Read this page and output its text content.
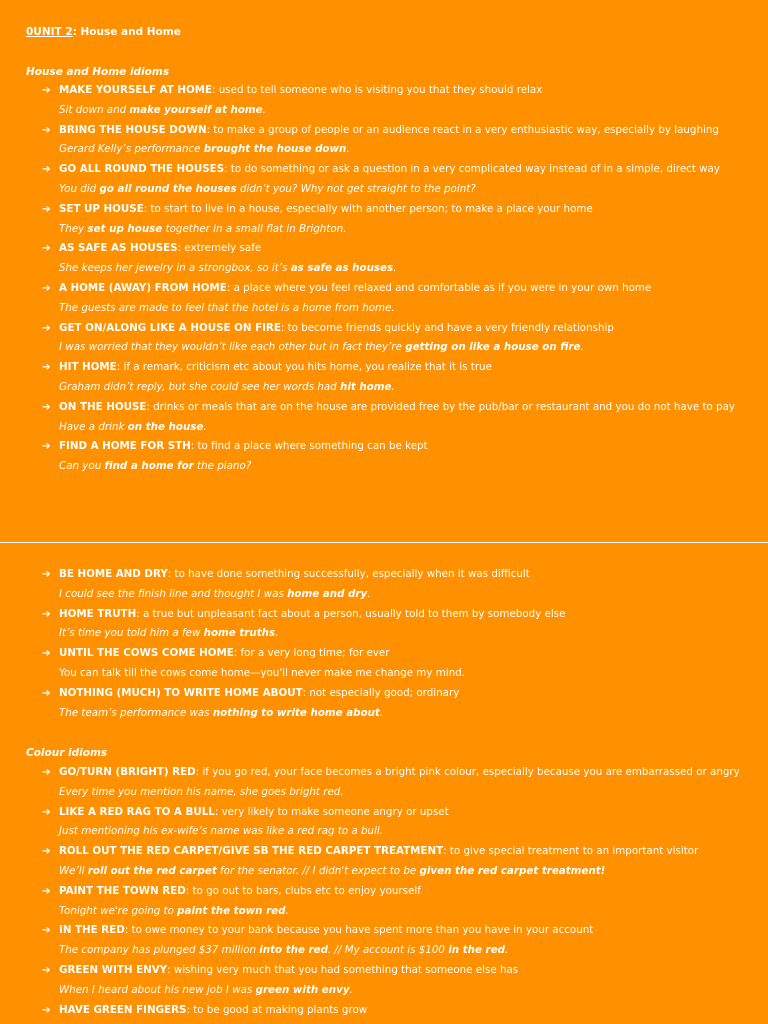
0UNIT 2: House and Home
House and Home idioms
➔ MAKE YOURSELF AT HOME: used to tell someone who is visiting you that they should relax
Sit down and make yourself at home.
➔ BRING THE HOUSE DOWN: to make a group of people or an audience react in a very enthusiastic way, especially by laughing
Gerard Kelly’s performance brought the house down.
➔ GO ALL ROUND THE HOUSES: to do something or ask a question in a very complicated way instead of in a simple, direct way
You did go all round the houses didn’t you? Why not get straight to the point?
➔ SET UP HOUSE: to start to live in a house, especially with another person; to make a place your home
They set up house together in a small flat in Brighton.
➔ AS SAFE AS HOUSES: extremely safe
She keeps her jewelry in a strongbox, so it’s as safe as houses.
➔ A HOME (AWAY) FROM HOME: a place where you feel relaxed and comfortable as if you were in your own home
The guests are made to feel that the hotel is a home from home.
➔ GET ON/ALONG LIKE A HOUSE ON FIRE: to become friends quickly and have a very friendly relationship
I was worried that they wouldn’t like each other but in fact they’re getting on like a house on fire.
➔ HIT HOME: if a remark, criticism etc about you hits home, you realize that it is true
Graham didn’t reply, but she could see her words had hit home.
➔ ON THE HOUSE: drinks or meals that are on the house are provided free by the pub/bar or restaurant and you do not have to pay
Have a drink on the house.
➔ FIND A HOME FOR STH: to find a place where something can be kept
Can you find a home for the piano?
➔ BE HOME AND DRY: to have done something successfully, especially when it was difficult
I could see the finish line and thought I was home and dry.
➔ HOME TRUTH: a true but unpleasant fact about a person, usually told to them by somebody else
It’s time you told him a few home truths.
➔ UNTIL THE COWS COME HOME: for a very long time; for ever
You can talk till the cows come home—you'll never make me change my mind.
➔ NOTHING (MUCH) TO WRITE HOME ABOUT: not especially good; ordinary
The team’s performance was nothing to write home about.
Colour idioms
➔ GO/TURN (BRIGHT) RED: if you go red, your face becomes a bright pink colour, especially because you are embarrassed or angry
Every time you mention his name, she goes bright red.
➔ LIKE A RED RAG TO A BULL: very likely to make someone angry or upset
Just mentioning his ex-wife’s name was like a red rag to a bull.
➔ ROLL OUT THE RED CARPET/GIVE SB THE RED CARPET TREATMENT: to give special treatment to an important visitor
We’ll roll out the red carpet for the senator. // I didn't expect to be given the red carpet treatment!
➔ PAINT THE TOWN RED: to go out to bars, clubs etc to enjoy yourself
Tonight we're going to paint the town red.
➔ IN THE RED: to owe money to your bank because you have spent more than you have in your account
The company has plunged $37 million into the red. // My account is $100 in the red.
➔ GREEN WITH ENVY: wishing very much that you had something that someone else has
When I heard about his new job I was green with envy.
➔ HAVE GREEN FINGERS: to be good at making plants grow
